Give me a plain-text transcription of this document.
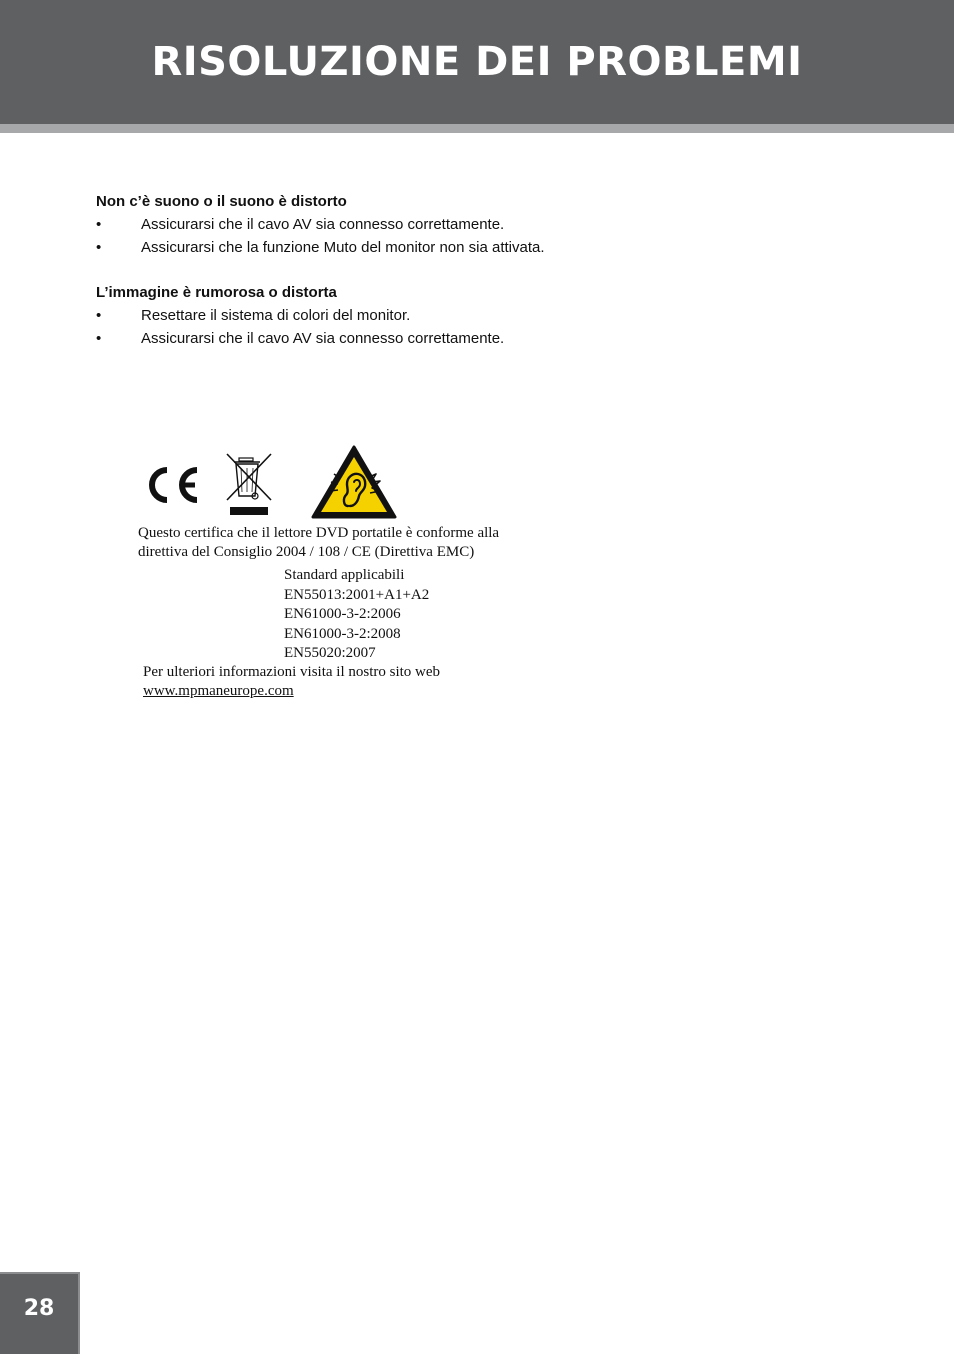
RISOLUZIONE DEI PROBLEMI

Non c’è suono o il suono è distorto

•	Assicurarsi che il cavo AV sia connesso correttamente.
•	Assicurarsi che la funzione Muto del monitor non sia attivata.

L’immagine è rumorosa o distorta

•	Resettare il sistema di colori del monitor.
•	Assicurarsi che il cavo AV sia connesso correttamente.
Questo certifica che il lettore DVD portatile è conforme alla
direttiva del Consiglio 2004 / 108 / CE (Direttiva EMC)
Standard applicabili
EN55013:2001+A1+A2
EN61000-3-2:2006
EN61000-3-2:2008
EN55020:2007
Per ulteriori informazioni visita il nostro sito web
www.mpmaneurope.com
28
